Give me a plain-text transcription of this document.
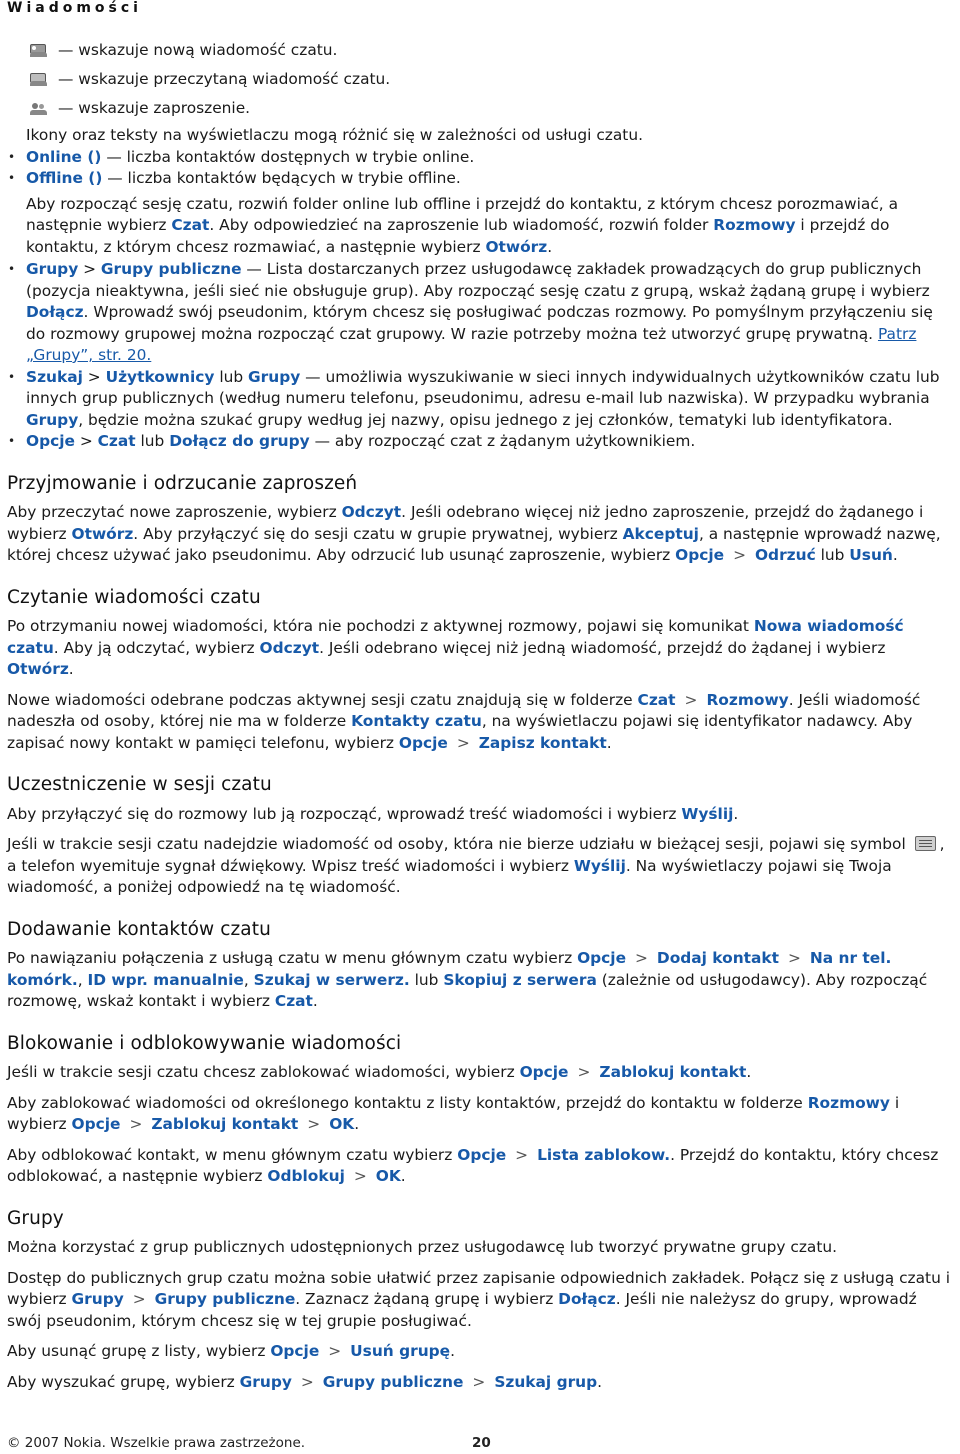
Wiadomości
— wskazuje nową wiadomość czatu.
— wskazuje przeczytaną wiadomość czatu.
— wskazuje zaproszenie.

Ikony oraz teksty na wyświetlaczu mogą różnić się w zależności od usługi czatu.

• Online () — liczba kontaktów dostępnych w trybie online.
• Offline () — liczba kontaktów będących w trybie offline.

Aby rozpocząć sesję czatu, rozwiń folder online lub offline i przejdź do kontaktu, z którym chcesz porozmawiać, a następnie wybierz Czat. Aby odpowiedzieć na zaproszenie lub wiadomość, rozwiń folder Rozmowy i przejdź do kontaktu, z którym chcesz rozmawiać, a następnie wybierz Otwórz.

• Grupy > Grupy publiczne — Lista dostarczanych przez usługodawcę zakładek prowadzących do grup publicznych (pozycja nieaktywna, jeśli sieć nie obsługuje grup). Aby rozpocząć sesję czatu z grupą, wskaż żądaną grupę i wybierz Dołącz. Wprowadź swój pseudonim, którym chcesz się posługiwać podczas rozmowy. Po pomyślnym przyłączeniu się do rozmowy grupowej można rozpocząć czat grupowy. W razie potrzeby można też utworzyć grupę prywatną. Patrz „Grupy”, str. 20.
• Szukaj > Użytkownicy lub Grupy — umożliwia wyszukiwanie w sieci innych indywidualnych użytkowników czatu lub innych grup publicznych (według numeru telefonu, pseudonimu, adresu e-mail lub nazwiska). W przypadku wybrania Grupy, będzie można szukać grupy według jej nazwy, opisu jednego z jej członków, tematyki lub identyfikatora.
• Opcje > Czat lub Dołącz do grupy — aby rozpocząć czat z żądanym użytkownikiem.
Przyjmowanie i odrzucanie zaproszeń

Aby przeczytać nowe zaproszenie, wybierz Odczyt. Jeśli odebrano więcej niż jedno zaproszenie, przejdź do żądanego i wybierz Otwórz. Aby przyłączyć się do sesji czatu w grupie prywatnej, wybierz Akceptuj, a następnie wprowadź nazwę, której chcesz używać jako pseudonimu. Aby odrzucić lub usunąć zaproszenie, wybierz Opcje > Odrzuć lub Usuń.

Czytanie wiadomości czatu

Po otrzymaniu nowej wiadomości, która nie pochodzi z aktywnej rozmowy, pojawi się komunikat Nowa wiadomość czatu. Aby ją odczytać, wybierz Odczyt. Jeśli odebrano więcej niż jedną wiadomość, przejdź do żądanej i wybierz Otwórz.

Nowe wiadomości odebrane podczas aktywnej sesji czatu znajdują się w folderze Czat > Rozmowy. Jeśli wiadomość nadeszła od osoby, której nie ma w folderze Kontakty czatu, na wyświetlaczu pojawi się identyfikator nadawcy. Aby zapisać nowy kontakt w pamięci telefonu, wybierz Opcje > Zapisz kontakt.

Uczestniczenie w sesji czatu

Aby przyłączyć się do rozmowy lub ją rozpocząć, wprowadź treść wiadomości i wybierz Wyślij.

Jeśli w trakcie sesji czatu nadejdzie wiadomość od osoby, która nie bierze udziału w bieżącej sesji, pojawi się symbol
, a telefon wyemituje sygnał dźwiękowy. Wpisz treść wiadomości i wybierz Wyślij. Na wyświetlaczy pojawi się Twoja wiadomość, a poniżej odpowiedź na tę wiadomość.

Dodawanie kontaktów czatu

Po nawiązaniu połączenia z usługą czatu w menu głównym czatu wybierz Opcje > Dodaj kontakt > Na nr tel. komórk., ID wpr. manualnie, Szukaj w serwerz. lub Skopiuj z serwera (zależnie od usługodawcy). Aby rozpocząć rozmowę, wskaż kontakt i wybierz Czat.

Blokowanie i odblokowywanie wiadomości

Jeśli w trakcie sesji czatu chcesz zablokować wiadomości, wybierz Opcje > Zablokuj kontakt.

Aby zablokować wiadomości od określonego kontaktu z listy kontaktów, przejdź do kontaktu w folderze Rozmowy i wybierz Opcje > Zablokuj kontakt > OK.

Aby odblokować kontakt, w menu głównym czatu wybierz Opcje > Lista zablokow.. Przejdź do kontaktu, który chcesz odblokować, a następnie wybierz Odblokuj > OK.

Grupy

Można korzystać z grup publicznych udostępnionych przez usługodawcę lub tworzyć prywatne grupy czatu.

Dostęp do publicznych grup czatu można sobie ułatwić przez zapisanie odpowiednich zakładek. Połącz się z usługą czatu i wybierz Grupy > Grupy publiczne. Zaznacz żądaną grupę i wybierz Dołącz. Jeśli nie należysz do grupy, wprowadź swój pseudonim, którym chcesz się w tej grupie posługiwać.

Aby usunąć grupę z listy, wybierz Opcje > Usuń grupę.

Aby wyszukać grupę, wybierz Grupy > Grupy publiczne > Szukaj grup.

© 2007 Nokia. Wszelkie prawa zastrzeżone.	20
